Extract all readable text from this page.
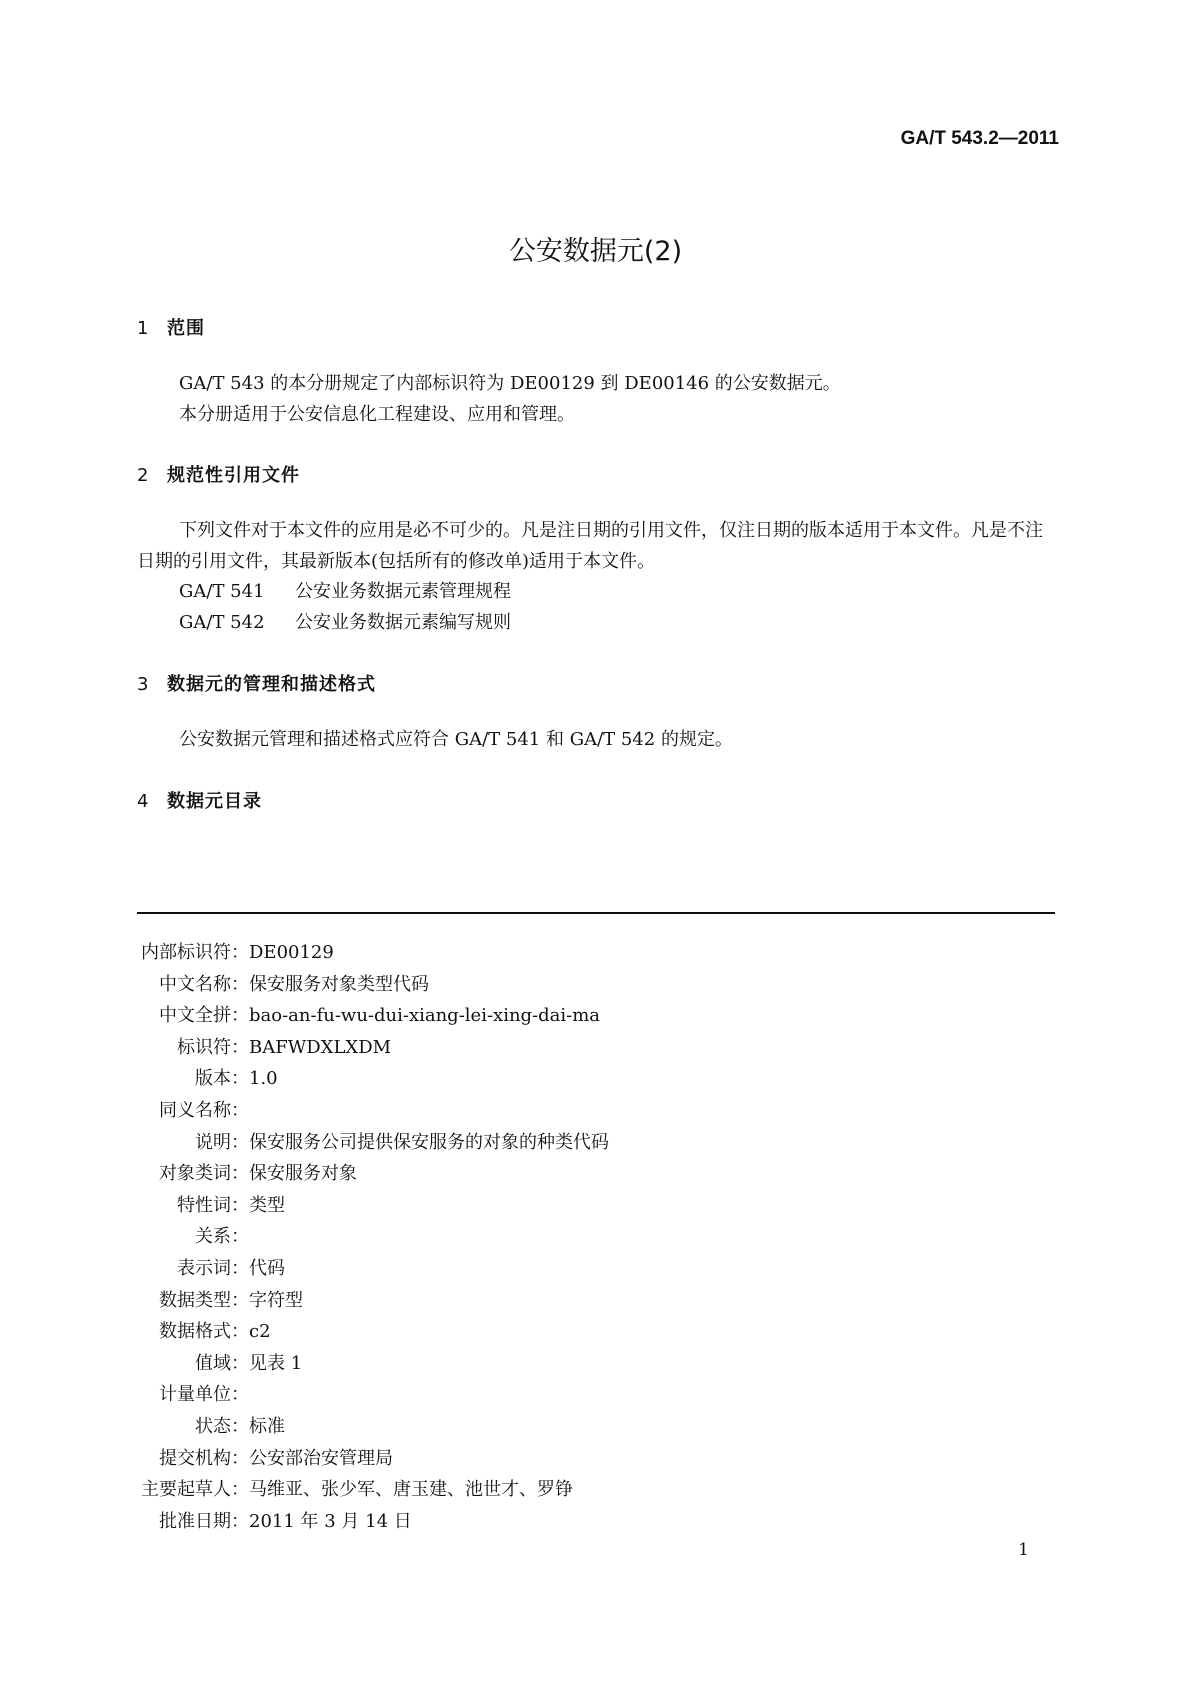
GA/T 543.2—2011
公安数据元(2)
1 范围
GA/T 543 的本分册规定了内部标识符为 DE00129 到 DE00146 的公安数据元。
本分册适用于公安信息化工程建设、应用和管理。
2 规范性引用文件
下列文件对于本文件的应用是必不可少的。凡是注日期的引用文件，仅注日期的版本适用于本文件。凡是不注日期的引用文件，其最新版本(包括所有的修改单)适用于本文件。
GA/T 541 公安业务数据元素管理规程
GA/T 542 公安业务数据元素编写规则
3 数据元的管理和描述格式
公安数据元管理和描述格式应符合 GA/T 541 和 GA/T 542 的规定。
4 数据元目录
内部标识符：DE00129
中文名称：保安服务对象类型代码
中文全拼：bao-an-fu-wu-dui-xiang-lei-xing-dai-ma
标识符：BAFWDXLXDM
版本：1.0
同义名称：
说明：保安服务公司提供保安服务的对象的种类代码
对象类词：保安服务对象
特性词：类型
关系：
表示词：代码
数据类型：字符型
数据格式：c2
值域：见表 1
计量单位：
状态：标准
提交机构：公安部治安管理局
主要起草人：马维亚、张少军、唐玉建、池世才、罗铮
批准日期：2011 年 3 月 14 日
1
